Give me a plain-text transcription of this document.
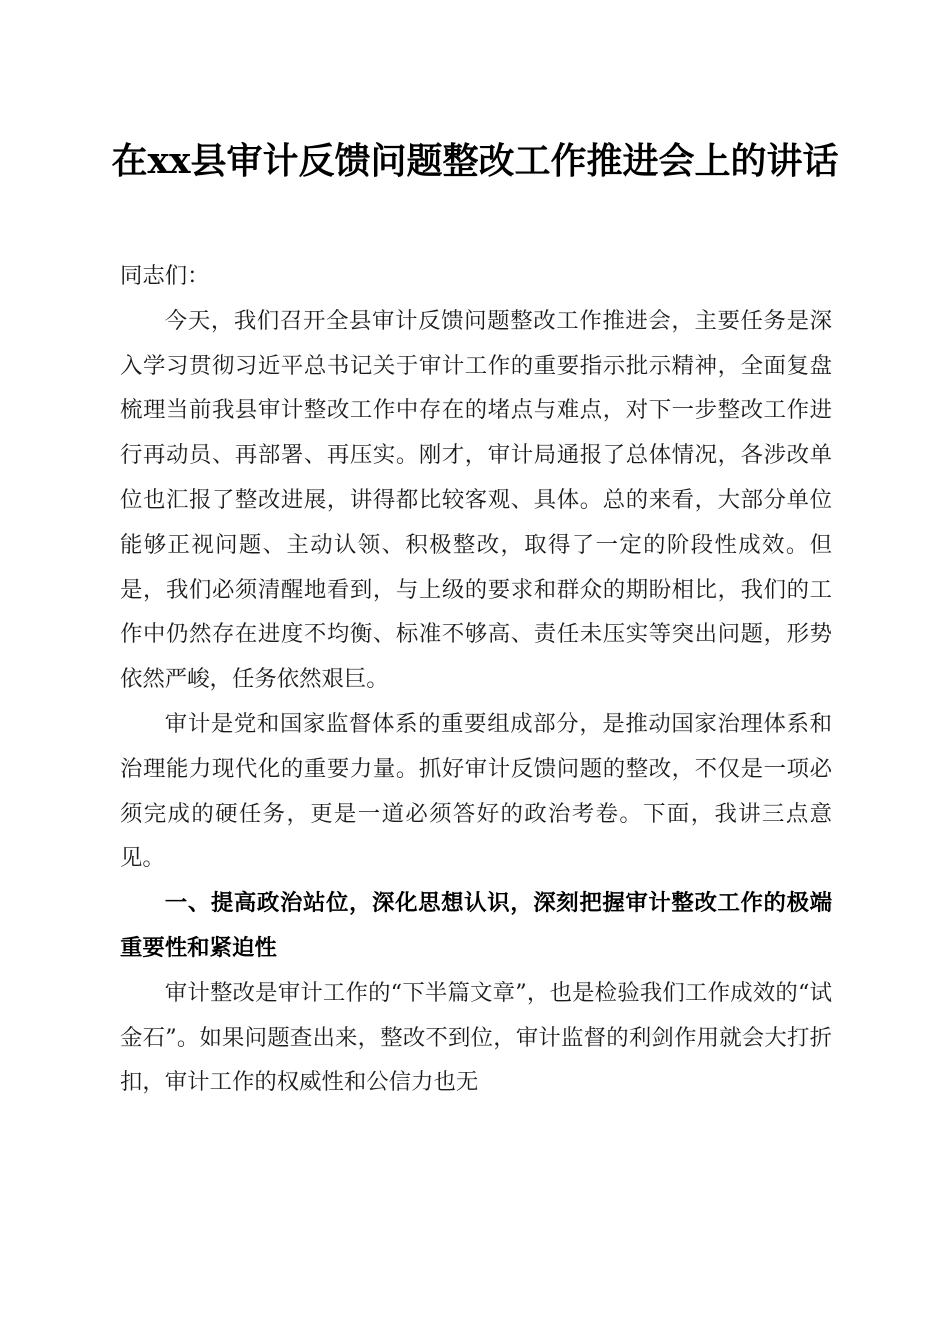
在xx县审计反馈问题整改工作推进会上的讲话

同志们：

今天，我们召开全县审计反馈问题整改工作推进会，主要任务是深入学习贯彻习近平总书记关于审计工作的重要指示批示精神，全面复盘梳理当前我县审计整改工作中存在的堵点与难点，对下一步整改工作进行再动员、再部署、再压实。刚才，审计局通报了总体情况，各涉改单位也汇报了整改进展，讲得都比较客观、具体。总的来看，大部分单位能够正视问题、主动认领、积极整改，取得了一定的阶段性成效。但是，我们必须清醒地看到，与上级的要求和群众的期盼相比，我们的工作中仍然存在进度不均衡、标准不够高、责任未压实等突出问题，形势依然严峻，任务依然艰巨。

审计是党和国家监督体系的重要组成部分，是推动国家治理体系和治理能力现代化的重要力量。抓好审计反馈问题的整改，不仅是一项必须完成的硬任务，更是一道必须答好的政治考卷。下面，我讲三点意见。

一、提高政治站位，深化思想认识，深刻把握审计整改工作的极端重要性和紧迫性

审计整改是审计工作的“下半篇文章”，也是检验我们工作成效的“试金石”。如果问题查出来，整改不到位，审计监督的利剑作用就会大打折扣，审计工作的权威性和公信力也无
